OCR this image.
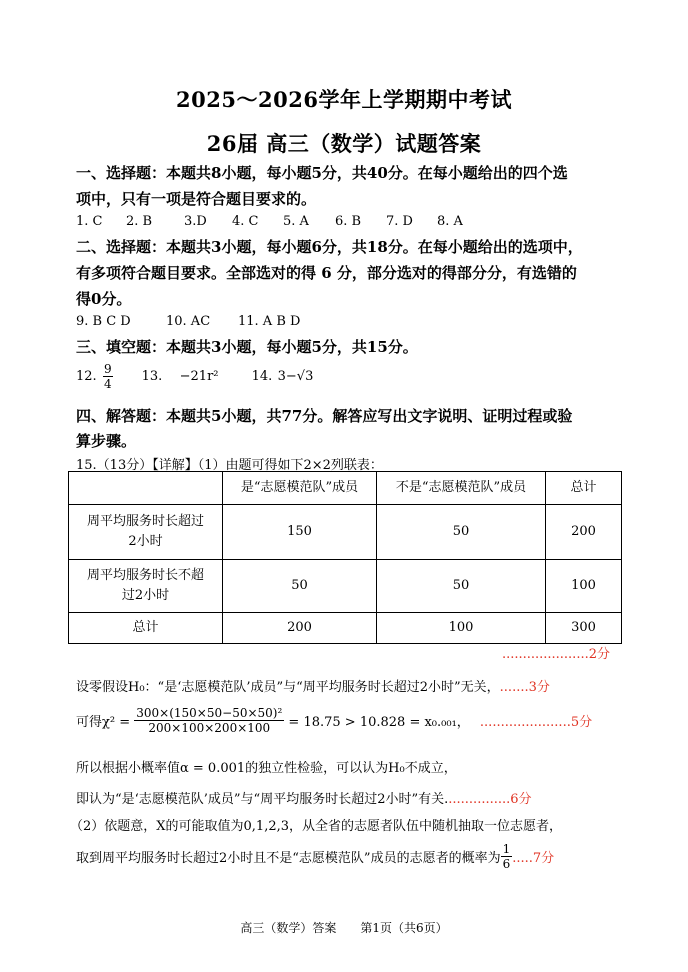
2025～2026学年上学期期中考试
26届 高三（数学）试题答案
一、选择题：本题共8小题，每小题5分，共40分。在每小题给出的四个选
项中，只有一项是符合题目要求的。
1. C 2. B 3.D 4. C 5. A 6. B 7. D 8. A
二、选择题：本题共3小题，每小题6分，共18分。在每小题给出的选项中，
有多项符合题目要求。全部选对的得 6 分，部分选对的得部分分，有选错的
得0分。
9. B C D	10. AC 11. A B D
三、填空题：本题共3小题，每小题5分，共15分。
12. $\frac{9}{4} 13$. −21r²	14. 3−√3
四、解答题：本题共5小题，共77分。解答应写出文字说明、证明过程或验
算步骤。
15.（13分）【详解】（1）由题可得如下2×2列联表：
	是“志愿模范队”成员	不是“志愿模范队”成员	总计
周平均服务时长超过2小时	150	50	200
周平均服务时长不超过2小时	50	50	100
总计	200	100	300
.....................2分
设零假设H₀：“是‘志愿模范队’成员”与“周平均服务时长超过2小时”无关，.......3分
可得$\chi^2 = \frac{\text{300×(150×50−50×50)²}}{200\times 100\times 200\times 100} = 18.75 > 10.828 = x_0._{001}$， ......................5分
所以根据小概率值α = 0.001的独立性检验，可以认为H₀不成立，
即认为“是‘志愿模范队’成员”与“周平均服务时长超过2小时”有关................6分
（2）依题意，X的可能取值为0,1,2,3，从全省的志愿者队伍中随机抽取一位志愿者，
取到周平均服务时长超过2小时且不是“志愿模范队”成员的志愿者的概率为 $\frac{1}{6} .....7$分
高三（数学）答案　　第1页（共6页）
